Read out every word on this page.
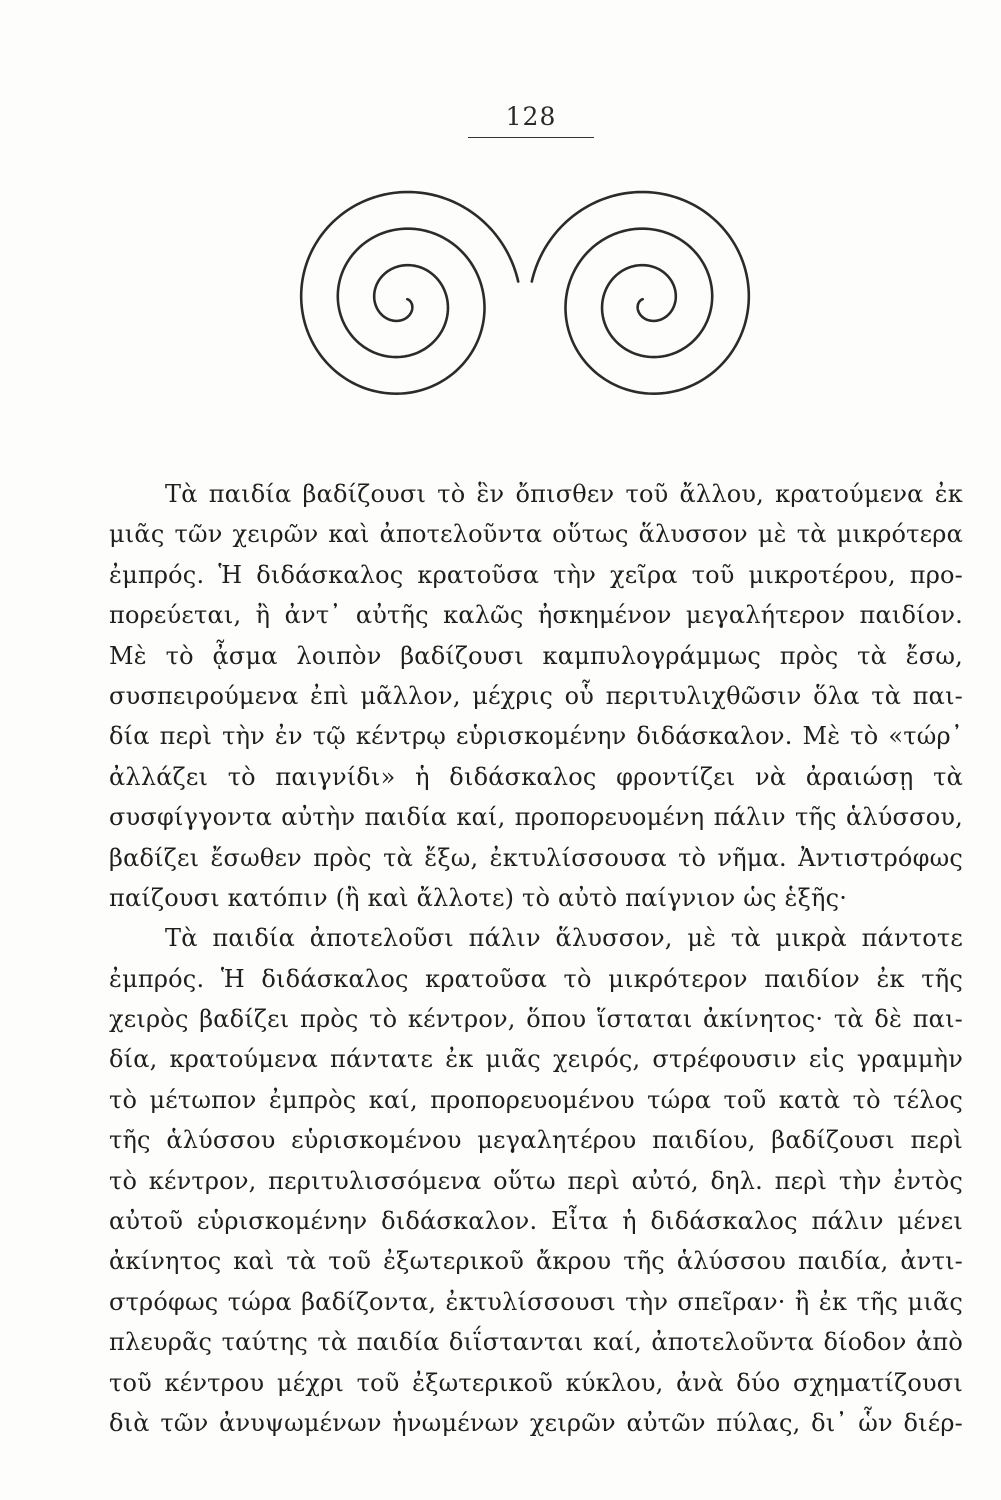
128
Τὰ παιδία βαδίζουσι τὸ ἓν ὄπισθεν τοῦ ἄλλου, κρατούμενα ἐκ
μιᾶς τῶν χειρῶν καὶ ἀποτελοῦντα οὕτως ἅλυσσον μὲ τὰ μικρότερα
ἐμπρός. Ἡ διδάσκαλος κρατοῦσα τὴν χεῖρα τοῦ μικροτέρου, προ-
πορεύεται, ἢ ἀντ᾽ αὐτῆς καλῶς ἠσκημένον μεγαλήτερον παιδίον.
Μὲ τὸ ᾆσμα λοιπὸν βαδίζουσι καμπυλογράμμως πρὸς τὰ ἔσω,
συσπειρούμενα ἐπὶ μᾶλλον, μέχρις οὗ περιτυλιχθῶσιν ὅλα τὰ παι-
δία περὶ τὴν ἐν τῷ κέντρῳ εὑρισκομένην διδάσκαλον. Μὲ τὸ «τώρ᾽
ἀλλάζει τὸ παιγνίδι» ἡ διδάσκαλος φροντίζει νὰ ἀραιώσῃ τὰ
συσφίγγοντα αὐτὴν παιδία καί, προπορευομένη πάλιν τῆς ἁλύσσου,
βαδίζει ἔσωθεν πρὸς τὰ ἔξω, ἐκτυλίσσουσα τὸ νῆμα. Ἀντιστρόφως
παίζουσι κατόπιν (ἢ καὶ ἄλλοτε) τὸ αὐτὸ παίγνιον ὡς ἑξῆς·
Τὰ παιδία ἀποτελοῦσι πάλιν ἅλυσσον, μὲ τὰ μικρὰ πάντοτε
ἐμπρός. Ἡ διδάσκαλος κρατοῦσα τὸ μικρότερον παιδίον ἐκ τῆς
χειρὸς βαδίζει πρὸς τὸ κέντρον, ὅπου ἵσταται ἀκίνητος· τὰ δὲ παι-
δία, κρατούμενα πάντατε ἐκ μιᾶς χειρός, στρέφουσιν εἰς γραμμὴν
τὸ μέτωπον ἐμπρὸς καί, προπορευομένου τώρα τοῦ κατὰ τὸ τέλος
τῆς ἁλύσσου εὑρισκομένου μεγαλητέρου παιδίου, βαδίζουσι περὶ
τὸ κέντρον, περιτυλισσόμενα οὕτω περὶ αὐτό, δηλ. περὶ τὴν ἐντὸς
αὐτοῦ εὑρισκομένην διδάσκαλον. Εἶτα ἡ διδάσκαλος πάλιν μένει
ἀκίνητος καὶ τὰ τοῦ ἐξωτερικοῦ ἄκρου τῆς ἁλύσσου παιδία, ἀντι-
στρόφως τώρα βαδίζοντα, ἐκτυλίσσουσι τὴν σπεῖραν· ἢ ἐκ τῆς μιᾶς
πλευρᾶς ταύτης τὰ παιδία διΐστανται καί, ἀποτελοῦντα δίοδον ἀπὸ
τοῦ κέντρου μέχρι τοῦ ἐξωτερικοῦ κύκλου, ἀνὰ δύο σχηματίζουσι
διὰ τῶν ἀνυψωμένων ἡνωμένων χειρῶν αὐτῶν πύλας, δι᾽ ὧν διέρ-
